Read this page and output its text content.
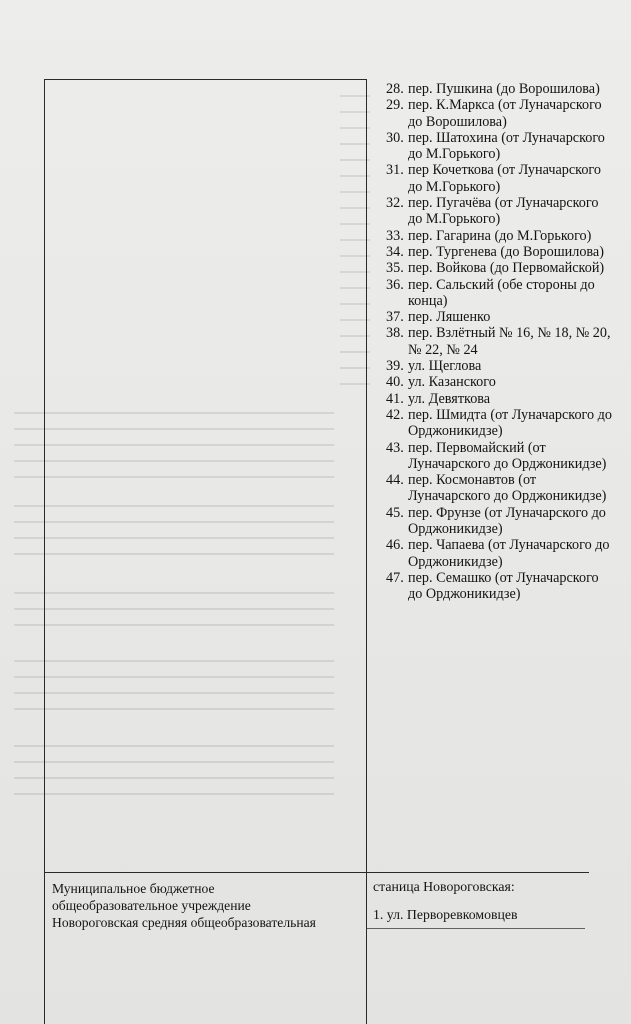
28. пер. Пушкина (до Ворошилова)
29. пер. К.Маркса (от Луначарского до Ворошилова)
30. пер. Шатохина (от Луначарского до М.Горького)
31. пер Кочеткова (от Луначарского до М.Горького)
32. пер. Пугачёва (от Луначарского до М.Горького)
33. пер. Гагарина (до М.Горького)
34. пер. Тургенева (до Ворошилова)
35. пер. Войкова (до Первомайской)
36. пер. Сальский (обе стороны до конца)
37. пер. Ляшенко
38. пер. Взлётный № 16, № 18, № 20, № 22, № 24
39. ул. Щеглова
40. ул. Казанского
41. ул. Девяткова
42. пер. Шмидта (от Луначарского до Орджоникидзе)
43. пер. Первомайский (от Луначарского до Орджоникидзе)
44. пер. Космонавтов (от Луначарского до Орджоникидзе)
45. пер. Фрунзе (от Луначарского до Орджоникидзе)
46. пер. Чапаева (от Луначарского до Орджоникидзе)
47. пер. Семашко (от Луначарского до Орджоникидзе)
Муниципальное бюджетное
общеобразовательное учреждение
Новороговская средняя общеобразовательная
станица Новороговская:
1. ул. Перворевкомовцев
